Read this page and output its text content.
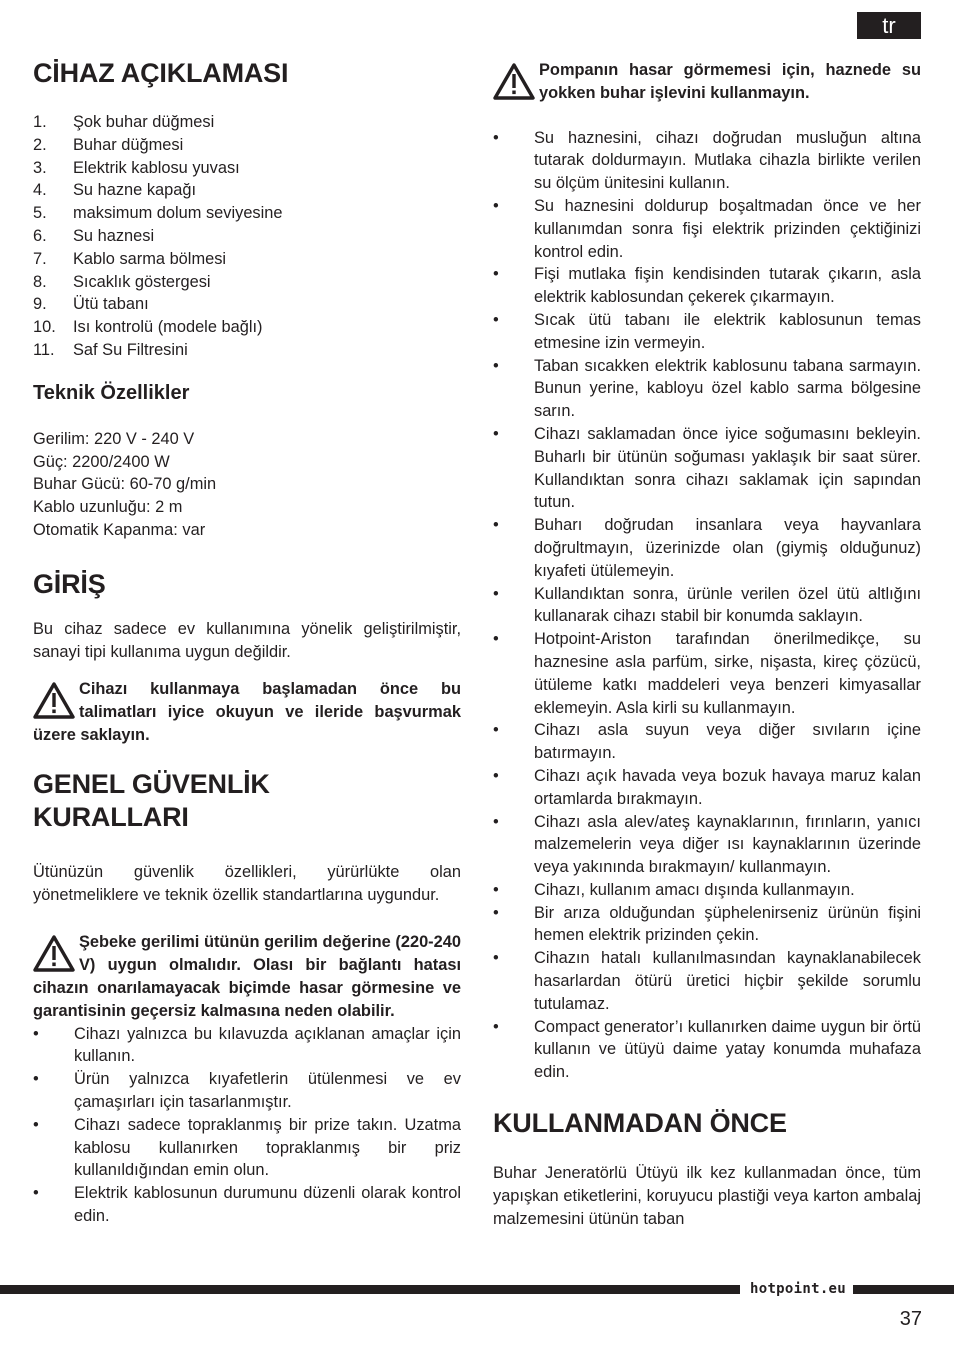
tr
CİHAZ AÇIKLAMASI
1. Şok buhar düğmesi
2. Buhar düğmesi
3. Elektrik kablosu yuvası
4. Su hazne kapağı
5. maksimum dolum seviyesine
6. Su haznesi
7. Kablo sarma bölmesi
8. Sıcaklık göstergesi
9. Ütü tabanı
10. Isı kontrolü (modele bağlı)
11. Saf Su Filtresini
Teknik Özellikler
Gerilim: 220 V - 240 V
Güç: 2200/2400 W
Buhar Gücü: 60-70 g/min
Kablo uzunluğu: 2 m
Otomatik Kapanma: var
GİRİŞ

Bu cihaz sadece ev kullanımına yönelik geliştirilmiştir, sanayi tipi kullanıma uygun değildir.

Cihazı kullanmaya başlamadan önce bu talimatları iyice okuyun ve ileride başvurmak üzere saklayın.
GENEL GÜVENLİK KURALLARI

Ütünüzün güvenlik özellikleri, yürürlükte olan yönetmeliklere ve teknik özellik standartlarına uygundur.

Şebeke gerilimi ütünün gerilim değerine (220-240 V) uygun olmalıdır. Olası bir bağlantı hatası cihazın onarılamayacak biçimde hasar görmesine ve garantisinin geçersiz kalmasına neden olabilir.
• Cihazı yalnızca bu kılavuzda açıklanan amaçlar için kullanın.
• Ürün yalnızca kıyafetlerin ütülenmesi ve ev çamaşırları için tasarlanmıştır.
• Cihazı sadece topraklanmış bir prize takın. Uzatma kablosu kullanırken topraklanmış bir priz kullanıldığından emin olun.
• Elektrik kablosunun durumunu düzenli olarak kontrol edin.
Pompanın hasar görmemesi için, haznede su yokken buhar işlevini kullanmayın.
• Su haznesini, cihazı doğrudan musluğun altına tutarak doldurmayın. Mutlaka cihazla birlikte verilen su ölçüm ünitesini kullanın.
• Su haznesini doldurup boşaltmadan önce ve her kullanımdan sonra fişi elektrik prizinden çektiğinizi kontrol edin.
• Fişi mutlaka fişin kendisinden tutarak çıkarın, asla elektrik kablosundan çekerek çıkarmayın.
• Sıcak ütü tabanı ile elektrik kablosunun temas etmesine izin vermeyin.
• Taban sıcakken elektrik kablosunu tabana sarmayın. Bunun yerine, kabloyu özel kablo sarma bölgesine sarın.
• Cihazı saklamadan önce iyice soğumasını bekleyin. Buharlı bir ütünün soğuması yaklaşık bir saat sürer. Kullandıktan sonra cihazı saklamak için sapından tutun.
• Buharı doğrudan insanlara veya hayvanlara doğrultmayın, üzerinizde olan (giymiş olduğunuz) kıyafeti ütülemeyin.
• Kullandıktan sonra, ürünle verilen özel ütü altlığını kullanarak cihazı stabil bir konumda saklayın.
• Hotpoint-Ariston tarafından önerilmedikçe, su haznesine asla parfüm, sirke, nişasta, kireç çözücü, ütüleme katkı maddeleri veya benzeri kimyasallar eklemeyin. Asla kirli su kullanmayın.
• Cihazı asla suyun veya diğer sıvıların içine batırmayın.
• Cihazı açık havada veya bozuk havaya maruz kalan ortamlarda bırakmayın.
• Cihazı asla alev/ateş kaynaklarının, fırınların, yanıcı malzemelerin veya diğer ısı kaynaklarının üzerinde veya yakınında bırakmayın/ kullanmayın.
• Cihazı, kullanım amacı dışında kullanmayın.
• Bir arıza olduğundan şüphelenirseniz ürünün fişini hemen elektrik prizinden çekin.
• Cihazın hatalı kullanılmasından kaynaklanabilecek hasarlardan ötürü üretici hiçbir şekilde sorumlu tutulamaz.
• Compact generator’ı kullanırken daime uygun bir örtü kullanın ve ütüyü daime yatay konumda muhafaza edin.
KULLANMADAN ÖNCE

Buhar Jeneratörlü Ütüyü ilk kez kullanmadan önce, tüm yapışkan etiketlerini, koruyucu plastiği veya karton ambalaj malzemesini ütünün taban

hotpoint.eu
37
